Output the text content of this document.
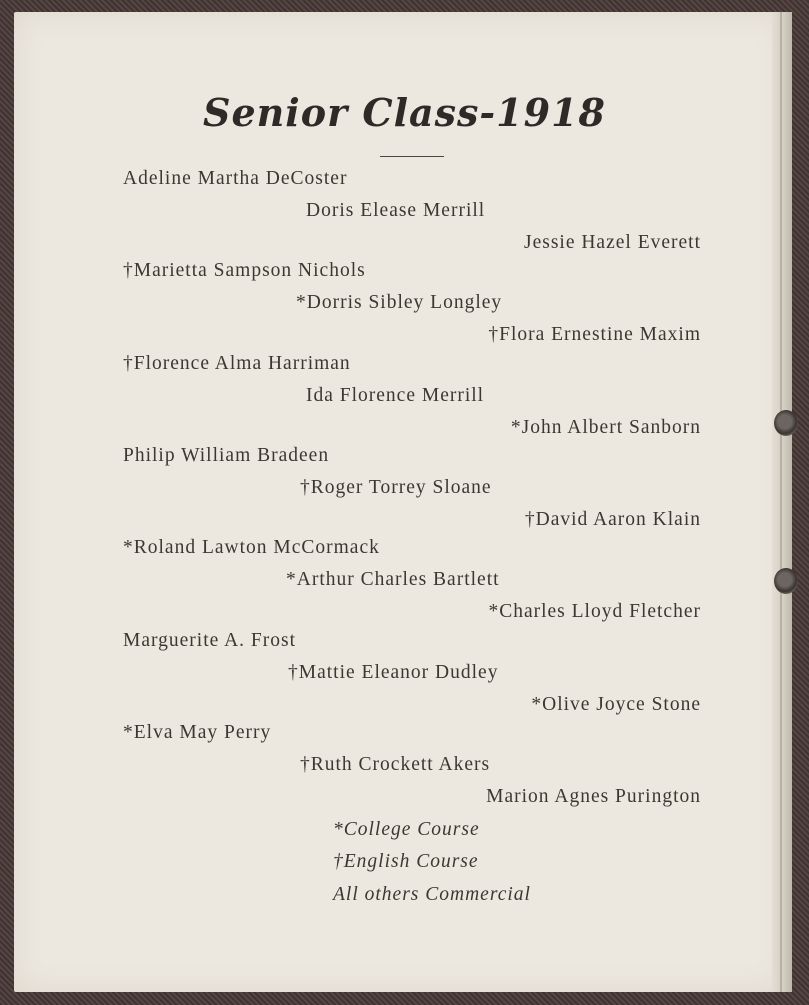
Senior Class-1918
Adeline Martha DeCoster
Doris Elease Merrill
Jessie Hazel Everett
†Marietta Sampson Nichols
*Dorris Sibley Longley
†Flora Ernestine Maxim
†Florence Alma Harriman
Ida Florence Merrill
*John Albert Sanborn
Philip William Bradeen
†Roger Torrey Sloane
†David Aaron Klain
*Roland Lawton McCormack
*Arthur Charles Bartlett
*Charles Lloyd Fletcher
Marguerite A. Frost
†Mattie Eleanor Dudley
*Olive Joyce Stone
*Elva May Perry
†Ruth Crockett Akers
Marion Agnes Purington
*College Course
†English Course
All others Commercial
